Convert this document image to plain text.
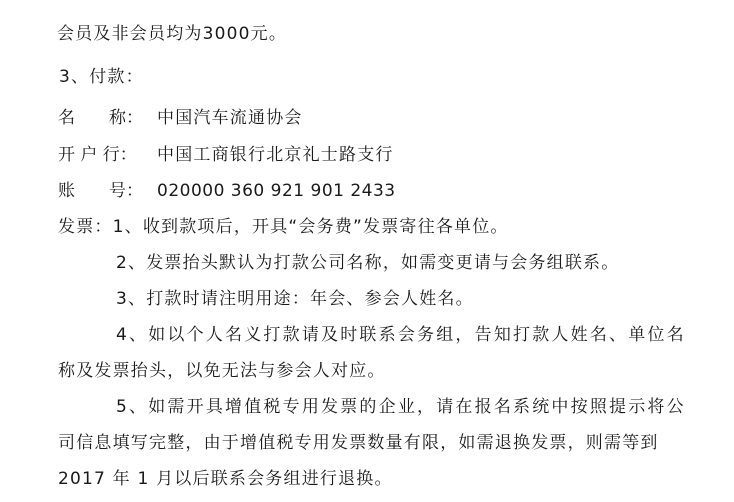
会员及非会员均为3000元。
3、付款：
名　　称： 中国汽车流通协会
开 户 行： 中国工商银行北京礼士路支行
账　　号： 020000 360 921 901 2433
发票：1、收到款项后，开具“会务费”发票寄往各单位。
2、发票抬头默认为打款公司名称，如需变更请与会务组联系。
3、打款时请注明用途：年会、参会人姓名。
4、如以个人名义打款请及时联系会务组，告知打款人姓名、单位名
称及发票抬头，以免无法与参会人对应。
5、如需开具增值税专用发票的企业，请在报名系统中按照提示将公
司信息填写完整，由于增值税专用发票数量有限，如需退换发票，则需等到
2017 年 1 月以后联系会务组进行退换。
